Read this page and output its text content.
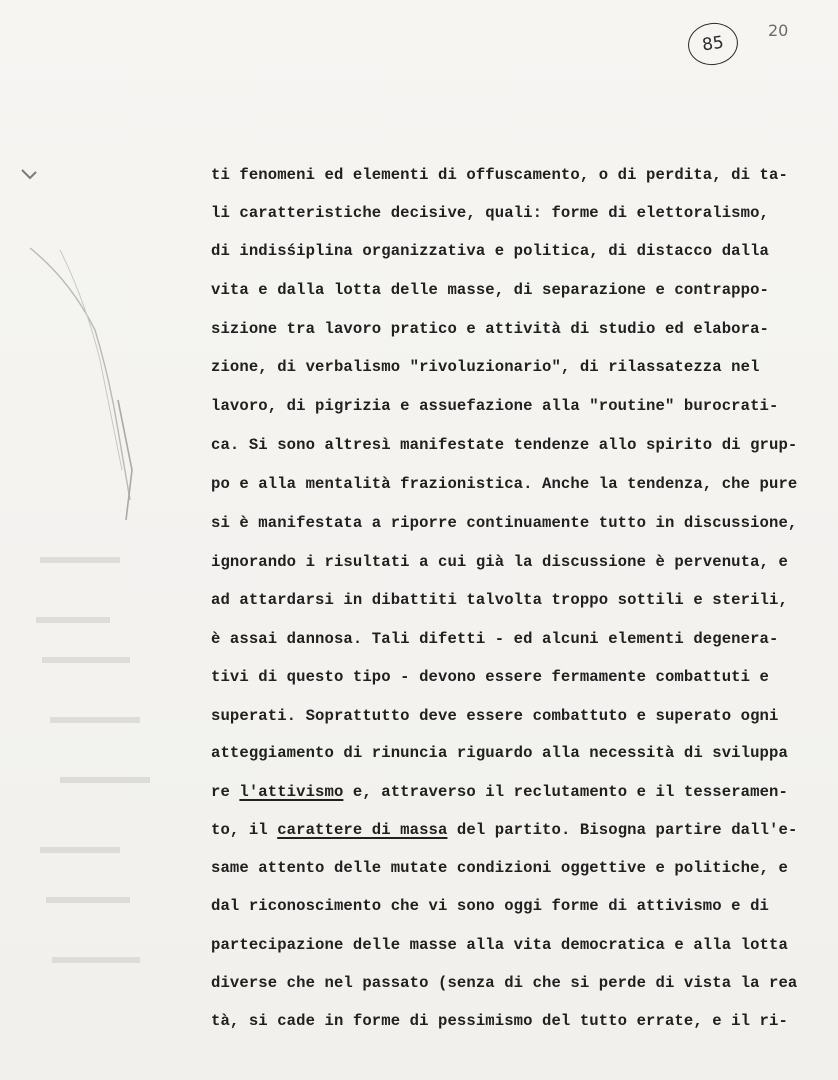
85
20
ti fenomeni ed elementi di offuscamento, o di perdita, di ta-
li caratteristiche decisive, quali: forme di elettoralismo,
di indisśiplina organizzativa e politica, di distacco dalla
vita e dalla lotta delle masse, di separazione e contrappo-
sizione tra lavoro pratico e attività di studio ed elabora-
zione, di verbalismo "rivoluzionario", di rilassatezza nel
lavoro, di pigrizia e assuefazione alla "routine" burocrati-
ca. Si sono altresì manifestate tendenze allo spirito di grup-
po e alla mentalità frazionistica. Anche la tendenza, che pure
si è manifestata a riporre continuamente tutto in discussione,
ignorando i risultati a cui già la discussione è pervenuta, e
ad attardarsi in dibattiti talvolta troppo sottili e sterili,
è assai dannosa. Tali difetti - ed alcuni elementi degenera-
tivi di questo tipo - devono essere fermamente combattuti e
superati. Soprattutto deve essere combattuto e superato ogni
atteggiamento di rinuncia riguardo alla necessità di sviluppa
re l'attivismo e, attraverso il reclutamento e il tesseramen-
to, il carattere di massa del partito. Bisogna partire dall'e-
same attento delle mutate condizioni oggettive e politiche, e
dal riconoscimento che vi sono oggi forme di attivismo e di
partecipazione delle masse alla vita democratica e alla lotta
diverse che nel passato (senza di che si perde di vista la rea
tà, si cade in forme di pessimismo del tutto errate, e il ri-
